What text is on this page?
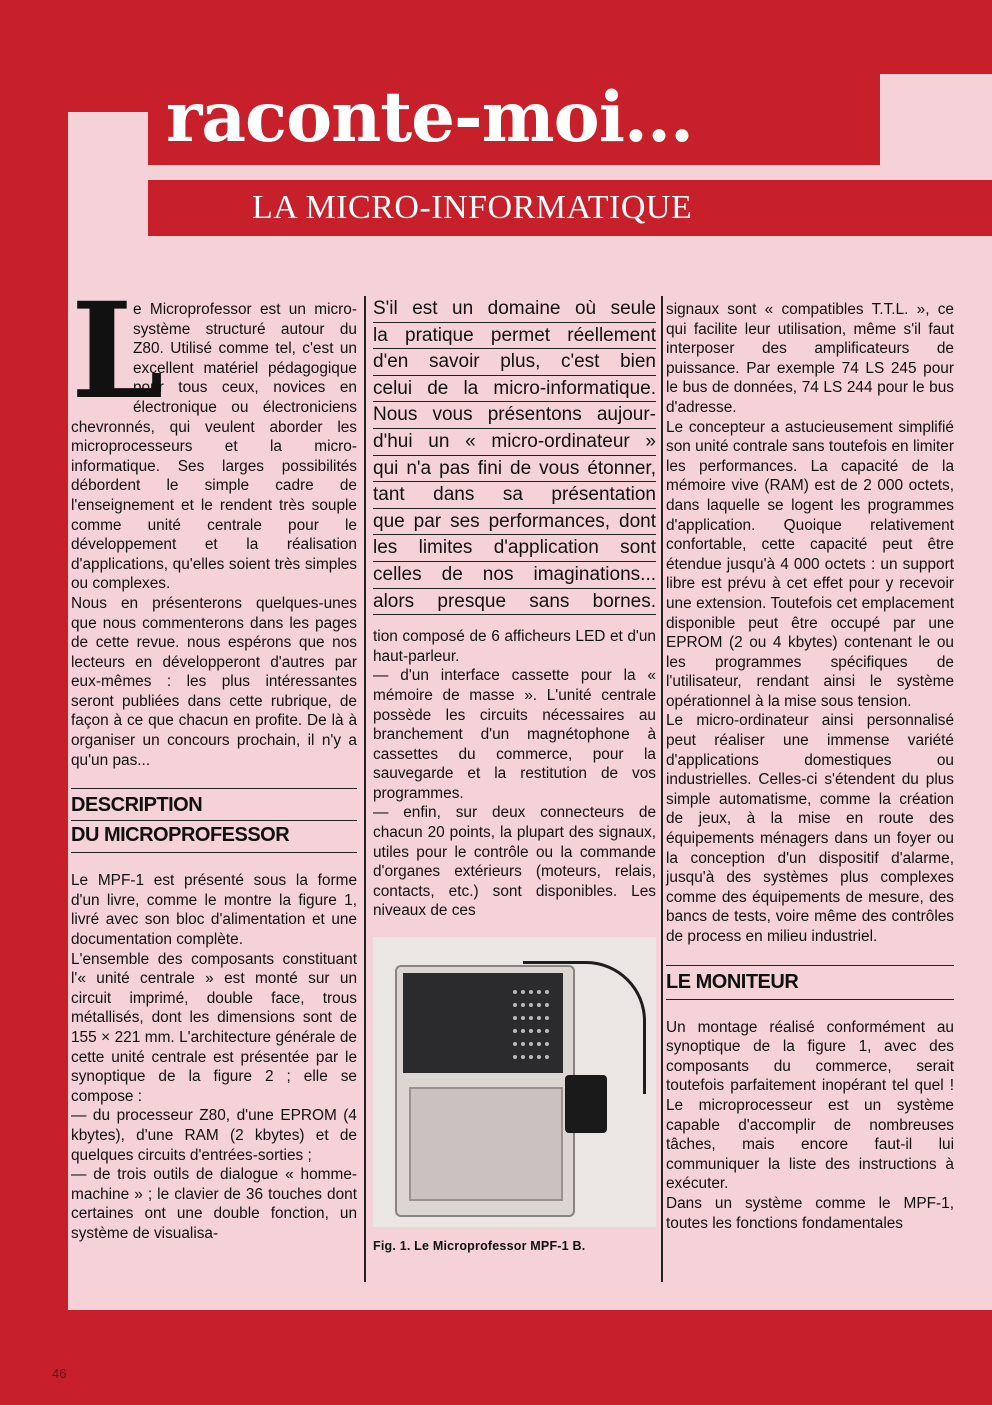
raconte-moi...
LA MICRO-INFORMATIQUE

L
e Microprofessor est un micro-système structuré autour du Z80. Utilisé comme tel, c'est un excellent matériel pédagogique pour tous ceux, novices en électronique ou électroniciens chevronnés, qui veulent aborder les microprocesseurs et la micro-informatique. Ses larges possibilités débordent le simple cadre de l'enseignement et le rendent très souple comme unité centrale pour le développement et la réalisation d'applications, qu'elles soient très simples ou complexes.

Nous en présenterons quelques-unes que nous commenterons dans les pages de cette revue. nous espérons que nos lecteurs en développeront d'autres par eux-mêmes : les plus intéressantes seront publiées dans cette rubrique, de façon à ce que chacun en profite. De là à organiser un concours prochain, il n'y a qu'un pas...

DESCRIPTION
DU MICROPROFESSOR

Le MPF-1 est présenté sous la forme d'un livre, comme le montre la figure 1, livré avec son bloc d'alimentation et une documentation complète.

L'ensemble des composants constituant l'« unité centrale » est monté sur un circuit imprimé, double face, trous métallisés, dont les dimensions sont de 155 × 221 mm. L'architecture générale de cette unité centrale est présentée par le synoptique de la figure 2 ; elle se compose :

— du processeur Z80, d'une EPROM (4 kbytes), d'une RAM (2 kbytes) et de quelques circuits d'entrées-sorties ;

— de trois outils de dialogue « homme-machine » ; le clavier de 36 touches dont certaines ont une double fonction, un système de visualisa-

S'il est un domaine où seule
la pratique permet réellement
d'en savoir plus, c'est bien
celui de la micro-informatique.
Nous vous présentons aujour-
d'hui un « micro-ordinateur »
qui n'a pas fini de vous étonner,
tant dans sa présentation
que par ses performances, dont
les limites d'application sont
celles de nos imaginations...
alors presque sans bornes.

tion composé de 6 afficheurs LED et d'un haut-parleur.

— d'un interface cassette pour la « mémoire de masse ». L'unité centrale possède les circuits nécessaires au branchement d'un magnétophone à cassettes du commerce, pour la sauvegarde et la restitution de vos programmes.

— enfin, sur deux connecteurs de chacun 20 points, la plupart des signaux, utiles pour le contrôle ou la commande d'organes extérieurs (moteurs, relais, contacts, etc.) sont disponibles. Les niveaux de ces

Fig. 1. Le Microprofessor MPF-1 B.

signaux sont « compatibles T.T.L. », ce qui facilite leur utilisation, même s'il faut interposer des amplificateurs de puissance. Par exemple 74 LS 245 pour le bus de données, 74 LS 244 pour le bus d'adresse.

Le concepteur a astucieusement simplifié son unité contrale sans toutefois en limiter les performances. La capacité de la mémoire vive (RAM) est de 2 000 octets, dans laquelle se logent les programmes d'application. Quoique relativement confortable, cette capacité peut être étendue jusqu'à 4 000 octets : un support libre est prévu à cet effet pour y recevoir une extension. Toutefois cet emplacement disponible peut être occupé par une EPROM (2 ou 4 kbytes) contenant le ou les programmes spécifiques de l'utilisateur, rendant ainsi le système opérationnel à la mise sous tension.

Le micro-ordinateur ainsi personnalisé peut réaliser une immense variété d'applications domestiques ou industrielles. Celles-ci s'étendent du plus simple automatisme, comme la création de jeux, à la mise en route des équipements ménagers dans un foyer ou la conception d'un dispositif d'alarme, jusqu'à des systèmes plus complexes comme des équipements de mesure, des bancs de tests, voire même des contrôles de process en milieu industriel.

LE MONITEUR

Un montage réalisé conformément au synoptique de la figure 1, avec des composants du commerce, serait toutefois parfaitement inopérant tel quel ! Le microprocesseur est un système capable d'accomplir de nombreuses tâches, mais encore faut-il lui communiquer la liste des instructions à exécuter.

Dans un système comme le MPF-1, toutes les fonctions fondamentales

46
